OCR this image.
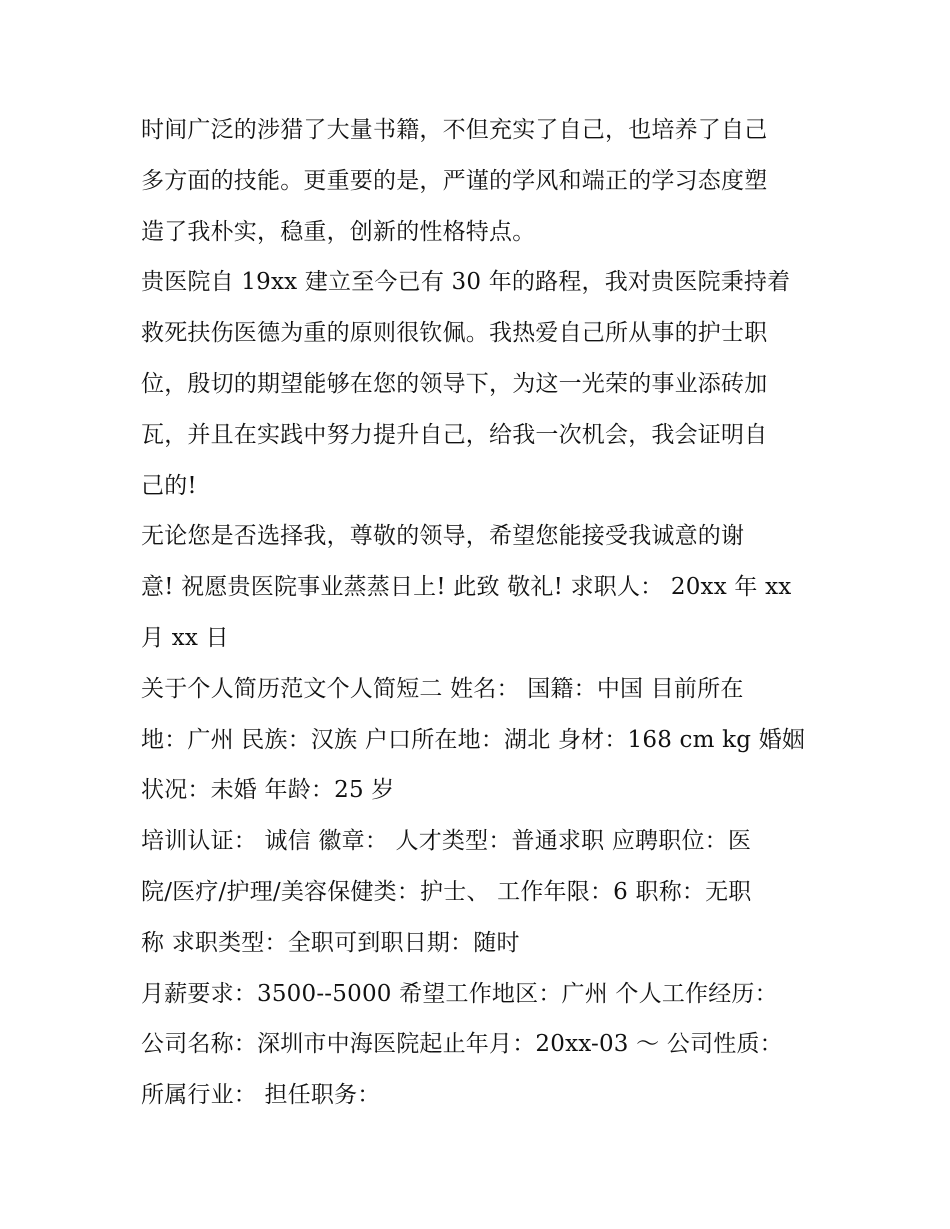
时间广泛的涉猎了大量书籍，不但充实了自己，也培养了自己
多方面的技能。更重要的是，严谨的学风和端正的学习态度塑
造了我朴实，稳重，创新的性格特点。
贵医院自 19xx 建立至今已有 30 年的路程，我对贵医院秉持着
救死扶伤医德为重的原则很钦佩。我热爱自己所从事的护士职
位，殷切的期望能够在您的领导下，为这一光荣的事业添砖加
瓦，并且在实践中努力提升自己，给我一次机会，我会证明自
己的!
无论您是否选择我，尊敬的领导，希望您能接受我诚意的谢
意! 祝愿贵医院事业蒸蒸日上! 此致 敬礼! 求职人： 20xx 年 xx
月 xx 日
关于个人简历范文个人简短二 姓名： 国籍：中国 目前所在
地：广州 民族：汉族 户口所在地：湖北 身材：168 cm kg 婚姻
状况：未婚 年龄：25 岁
培训认证： 诚信 徽章： 人才类型：普通求职 应聘职位：医
院/医疗/护理/美容保健类：护士、 工作年限：6 职称：无职
称 求职类型：全职可到职日期：随时
月薪要求：3500--5000 希望工作地区：广州 个人工作经历：
公司名称：深圳市中海医院起止年月：20xx-03 ～ 公司性质：
所属行业： 担任职务：
